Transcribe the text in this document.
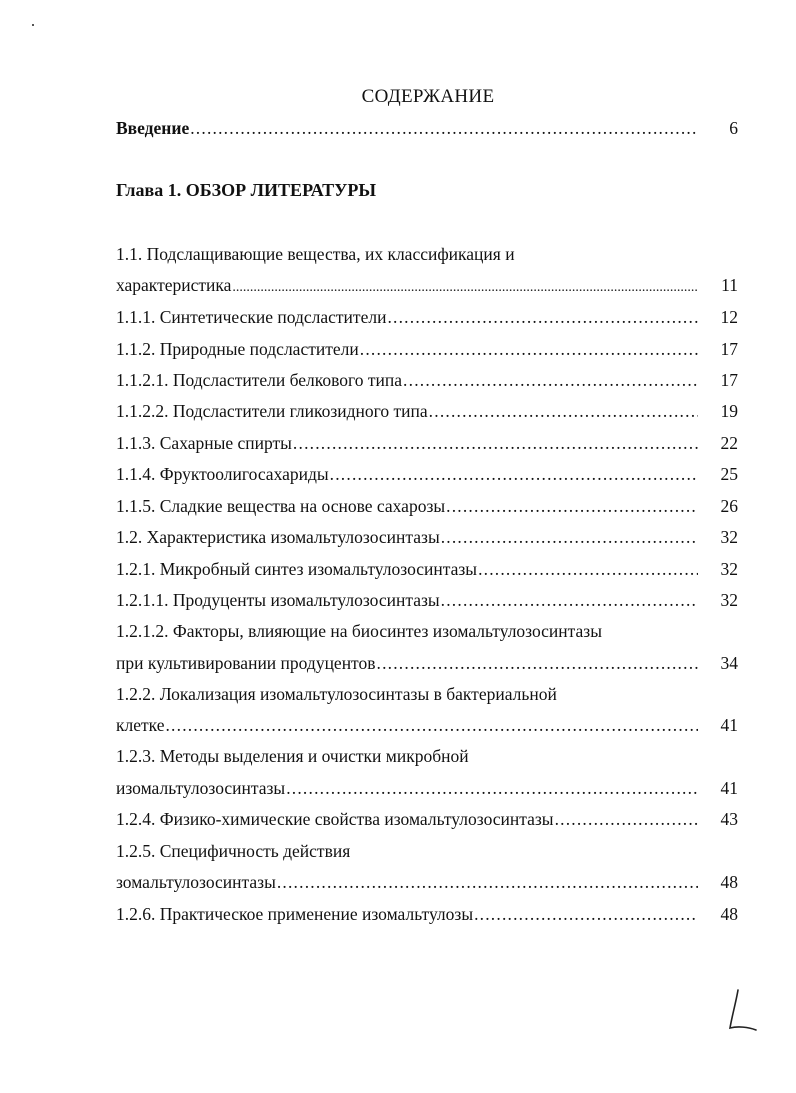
СОДЕРЖАНИЕ
Введение .....	6
Глава 1. ОБЗОР ЛИТЕРАТУРЫ
1.1. Подслащивающие вещества, их классификация и
характеристика .....	11
1.1.1. Синтетические подсластители .....	12
1.1.2. Природные подсластители .....	17
1.1.2.1. Подсластители белкового типа .....	17
1.1.2.2. Подсластители гликозидного типа .....	19
1.1.3. Сахарные спирты .....	22
1.1.4. Фруктоолигосахариды .....	25
1.1.5. Сладкие вещества на основе сахарозы .....	26
1.2. Характеристика изомальтулозосинтазы .....	32
1.2.1. Микробный синтез изомальтулозосинтазы .....	32
1.2.1.1. Продуценты изомальтулозосинтазы .....	32
1.2.1.2. Факторы, влияющие на биосинтез изомальтулозосинтазы
при культивировании продуцентов .....	34
1.2.2. Локализация изомальтулозосинтазы в бактериальной
клетке .....	41
1.2.3. Методы выделения и очистки микробной
изомальтулозосинтазы .....	41
1.2.4. Физико-химические свойства изомальтулозосинтазы .....	43
1.2.5. Специфичность действия
зомальтулозосинтазы .....	48
1.2.6. Практическое применение изомальтулозы .....	48
